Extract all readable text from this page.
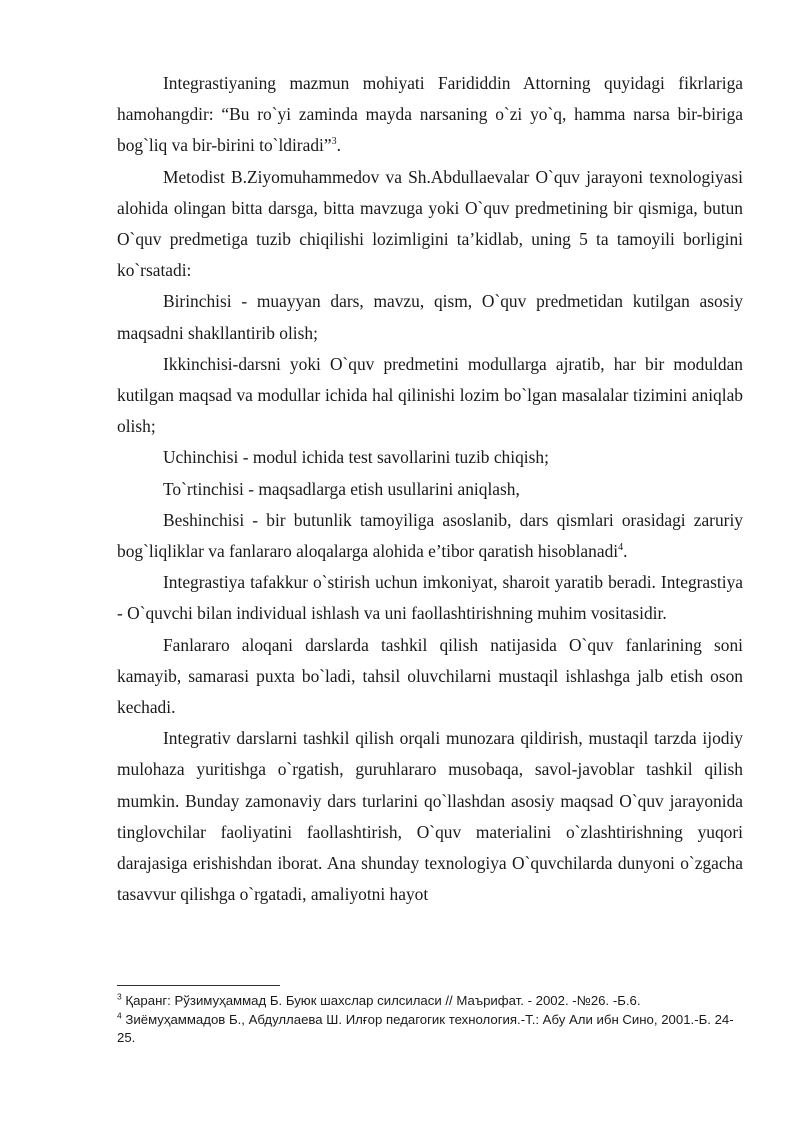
Integrastiyaning mazmun mohiyati Farididdin Attorning quyidagi fikrlariga hamohangdir: “Bu ro`yi zaminda mayda narsaning o`zi yo`q, hamma narsa bir-biriga bog`liq va bir-birini to`ldiradi”$^3$.

Metodist B.Ziyomuhammedov va Sh.Abdullaevalar O`quv jarayoni texnologiyasi alohida olingan bitta darsga, bitta mavzuga yoki O`quv predmetining bir qismiga, butun O`quv predmetiga tuzib chiqilishi lozimligini ta’kidlab, uning 5 ta tamoyili borligini ko`rsatadi:

Birinchisi - muayyan dars, mavzu, qism, O`quv predmetidan kutilgan asosiy maqsadni shakllantirib olish;

Ikkinchisi-darsni yoki O`quv predmetini modullarga ajratib, har bir moduldan kutilgan maqsad va modullar ichida hal qilinishi lozim bo`lgan masalalar tizimini aniqlab olish;

Uchinchisi - modul ichida test savollarini tuzib chiqish;

To`rtinchisi - maqsadlarga etish usullarini aniqlash,

Beshinchisi - bir butunlik tamoyiliga asoslanib, dars qismlari orasidagi zaruriy bog`liqliklar va fanlararo aloqalarga alohida e’tibor qaratish hisoblanadi$^4$.

Integrastiya tafakkur o`stirish uchun imkoniyat, sharoit yaratib beradi. Integrastiya - O`quvchi bilan individual ishlash va uni faollashtirishning muhim vositasidir.

Fanlararo aloqani darslarda tashkil qilish natijasida O`quv fanlarining soni kamayib, samarasi puxta bo`ladi, tahsil oluvchilarni mustaqil ishlashga jalb etish oson kechadi.

Integrativ darslarni tashkil qilish orqali munozara qildirish, mustaqil tarzda ijodiy mulohaza yuritishga o`rgatish, guruhlararo musobaqa, savol-javoblar tashkil qilish mumkin. Bunday zamonaviy dars turlarini qo`llashdan asosiy maqsad O`quv jarayonida tinglovchilar faoliyatini faollashtirish, O`quv materialini o`zlashtirishning yuqori darajasiga erishishdan iborat. Ana shunday texnologiya O`quvchilarda dunyoni o`zgacha tasavvur qilishga o`rgatadi, amaliyotni hayot

$^3$ Қаранг: Рўзимуҳаммад Б. Буюк шахслар силсиласи // Маърифат. - 2002. -№26. -Б.6.

$^4$ Зиёмуҳаммадов Б., Абдуллаева Ш. Илғор педагогик технология.-Т.: Абу Али ибн Сино, 2001.-Б. 24-25.
